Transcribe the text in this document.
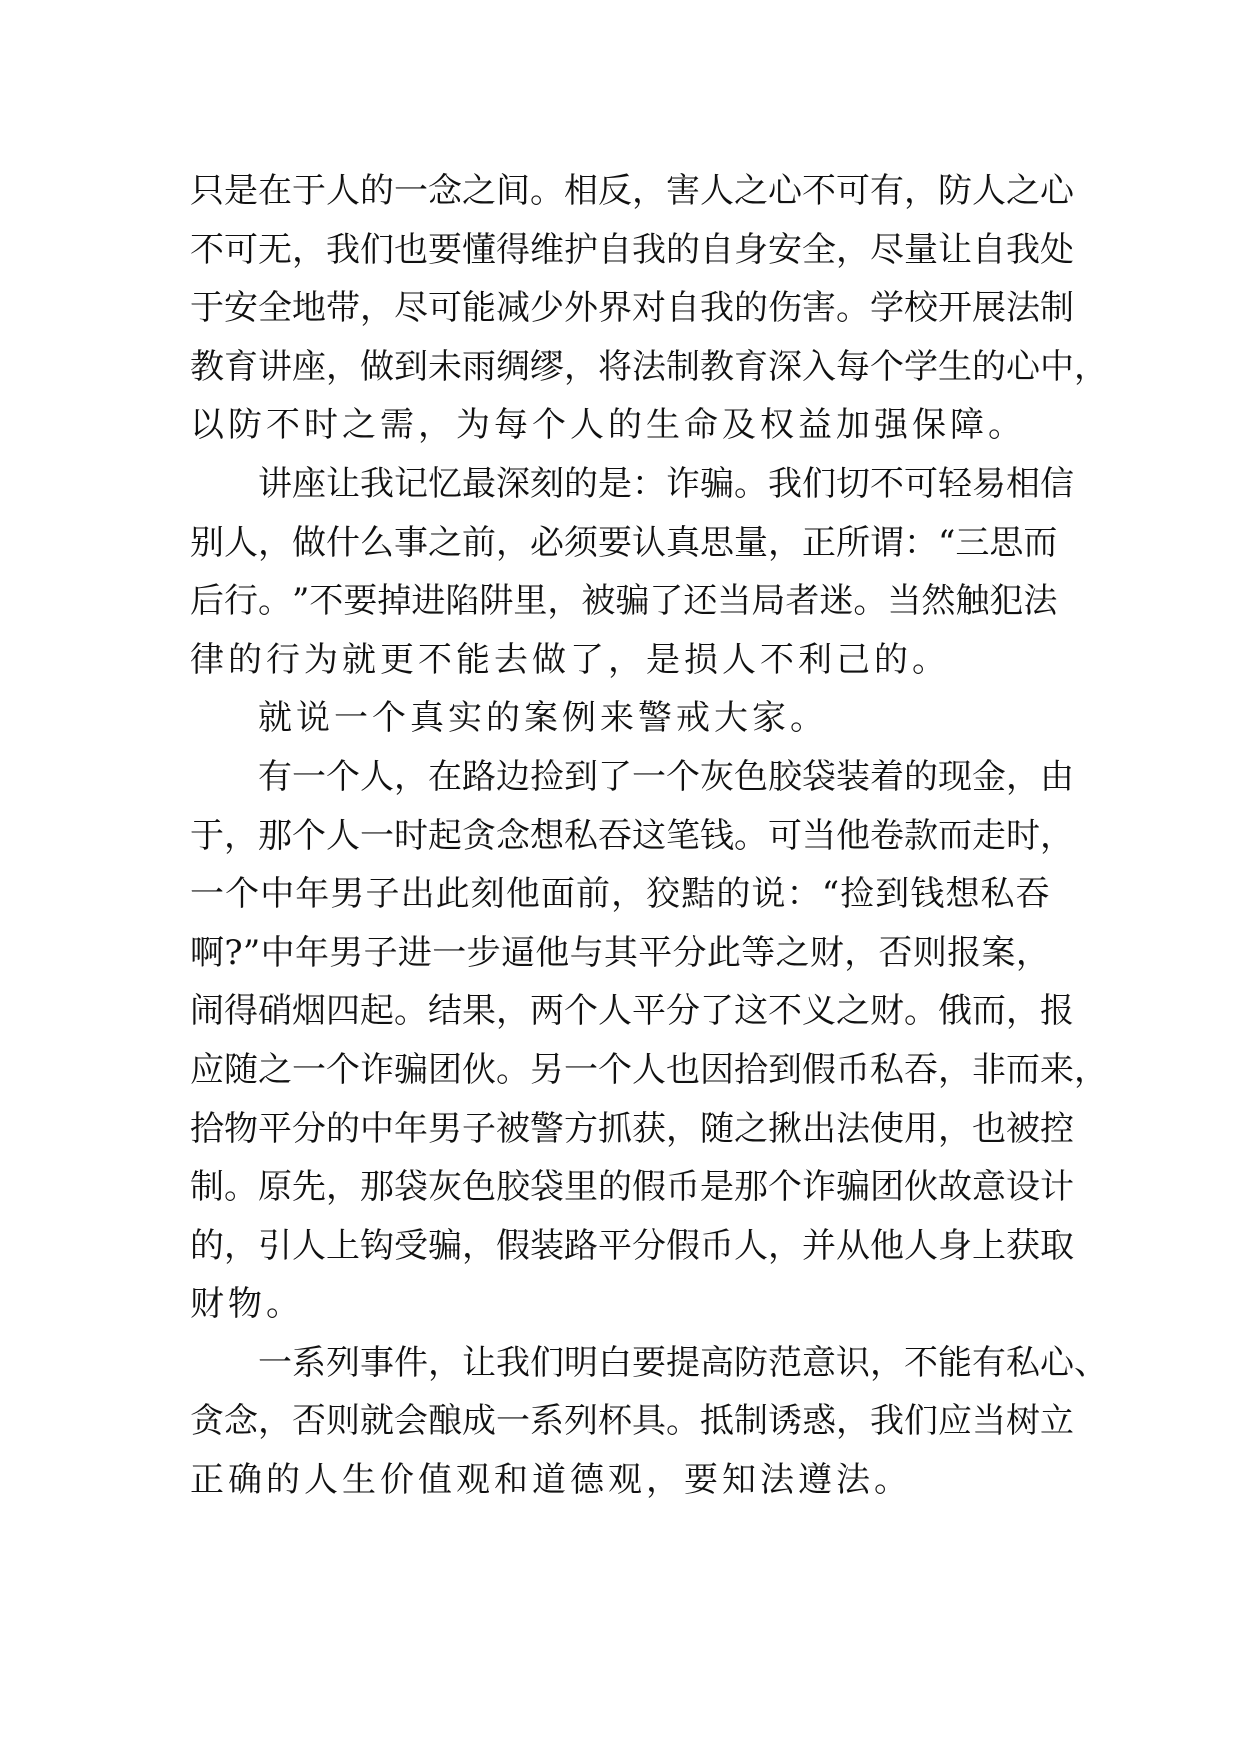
只 是 在 于 人 的 一 念 之 间 。 相 反 ， 害 人 之 心 不 可 有 ， 防 人 之 心
不 可 无 ， 我 们 也 要 懂 得 维 护 自 我 的 自 身 安 全 ， 尽 量 让 自 我 处
于 安 全 地 带 ， 尽 可 能 减 少 外 界 对 自 我 的 伤 害 。 学 校 开 展 法 制
教 育 讲 座 ， 做 到 未 雨 绸 缪 ， 将 法 制 教 育 深 入 每 个 学 生 的 心 中 ，
以防不时之需，为每个人的生命及权益加强保障。
讲 座 让 我 记 忆 最 深 刻 的 是 ： 诈 骗 。 我 们 切 不 可 轻 易 相 信
别 人 ， 做 什 么 事 之 前 ， 必 须 要 认 真 思 量 ， 正 所 谓 ： “ 三 思 而
后 行 。 ” 不 要 掉 进 陷 阱 里 ， 被 骗 了 还 当 局 者 迷 。 当 然 触 犯 法
律的行为就更不能去做了，是损人不利己的。
就说一个真实的案例来警戒大家。
有 一 个 人 ， 在 路 边 捡 到 了 一 个 灰 色 胶 袋 装 着 的 现 金 ， 由
于 ， 那 个 人 一 时 起 贪 念 想 私 吞 这 笔 钱 。 可 当 他 卷 款 而 走 时 ，
一 个 中 年 男 子 出 此 刻 他 面 前 ， 狡 黠 的 说 ： “ 捡 到 钱 想 私 吞
啊 ? ” 中 年 男 子 进 一 步 逼 他 与 其 平 分 此 等 之 财 ， 否 则 报 案 ，
闹 得 硝 烟 四 起 。 结 果 ， 两 个 人 平 分 了 这 不 义 之 财 。 俄 而 ， 报
应 随 之 一 个 诈 骗 团 伙 。 另 一 个 人 也 因 拾 到 假 币 私 吞 ， 非 而 来 ，
拾 物 平 分 的 中 年 男 子 被 警 方 抓 获 ， 随 之 揪 出 法 使 用 ， 也 被 控
制 。 原 先 ， 那 袋 灰 色 胶 袋 里 的 假 币 是 那 个 诈 骗 团 伙 故 意 设 计
的 ， 引 人 上 钩 受 骗 ， 假 装 路 平 分 假 币 人 ， 并 从 他 人 身 上 获 取
财物。
一 系 列 事 件 ， 让 我 们 明 白 要 提 高 防 范 意 识 ， 不 能 有 私 心 、
贪 念 ， 否 则 就 会 酿 成 一 系 列 杯 具 。 抵 制 诱 惑 ， 我 们 应 当 树 立
正确的人生价值观和道德观，要知法遵法。
